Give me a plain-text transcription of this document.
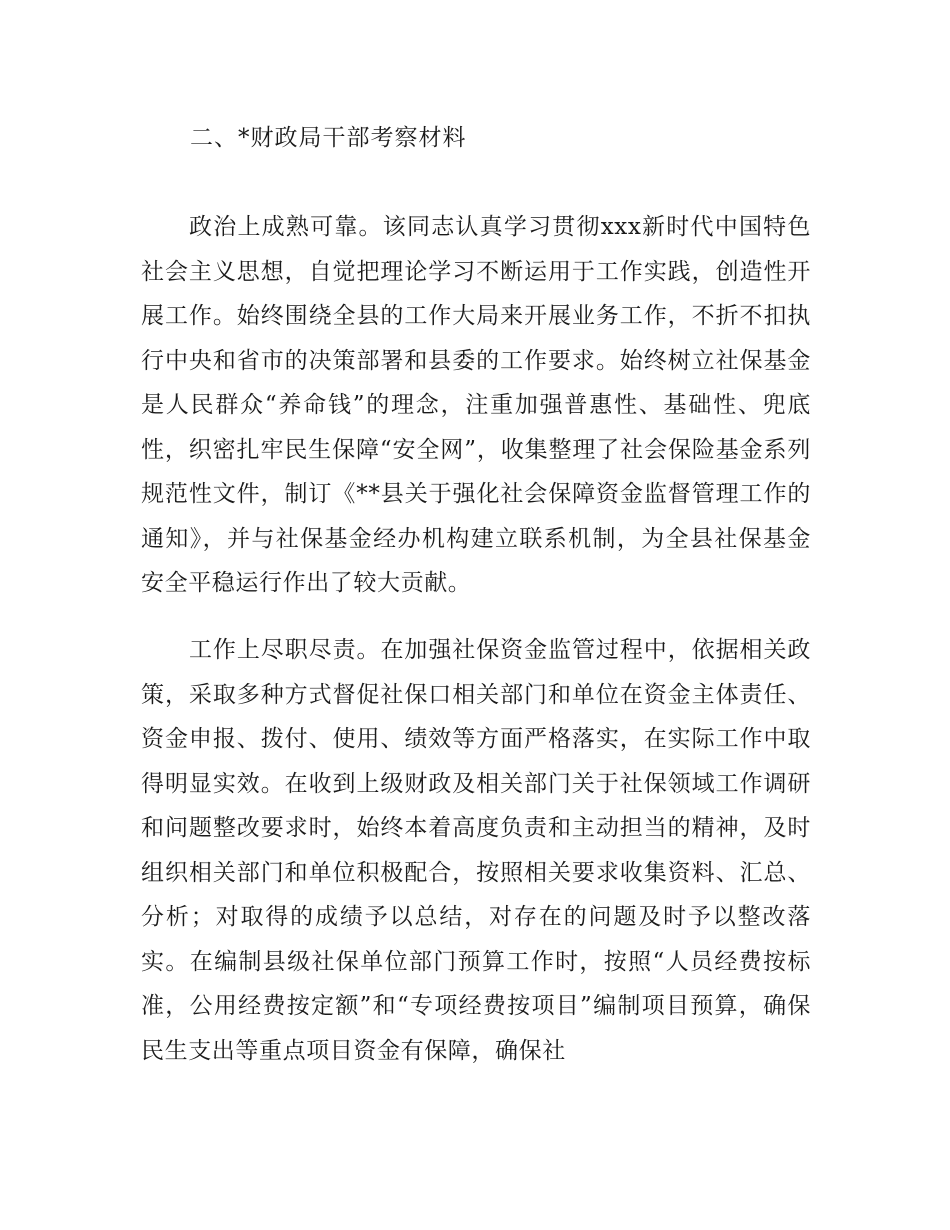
二、*财政局干部考察材料

政治上成熟可靠。该同志认真学习贯彻xxx新时代中国特色社会主义思想，自觉把理论学习不断运用于工作实践，创造性开展工作。始终围绕全县的工作大局来开展业务工作，不折不扣执行中央和省市的决策部署和县委的工作要求。始终树立社保基金是人民群众“养命钱”的理念，注重加强普惠性、基础性、兜底性，织密扎牢民生保障“安全网”，收集整理了社会保险基金系列规范性文件，制订《**县关于强化社会保障资金监督管理工作的通知》，并与社保基金经办机构建立联系机制，为全县社保基金安全平稳运行作出了较大贡献。

工作上尽职尽责。在加强社保资金监管过程中，依据相关政策，采取多种方式督促社保口相关部门和单位在资金主体责任、资金申报、拨付、使用、绩效等方面严格落实，在实际工作中取得明显实效。在收到上级财政及相关部门关于社保领域工作调研和问题整改要求时，始终本着高度负责和主动担当的精神，及时组织相关部门和单位积极配合，按照相关要求收集资料、汇总、分析；对取得的成绩予以总结，对存在的问题及时予以整改落实。在编制县级社保单位部门预算工作时，按照“人员经费按标准，公用经费按定额”和“专项经费按项目”编制项目预算，确保民生支出等重点项目资金有保障，确保社
